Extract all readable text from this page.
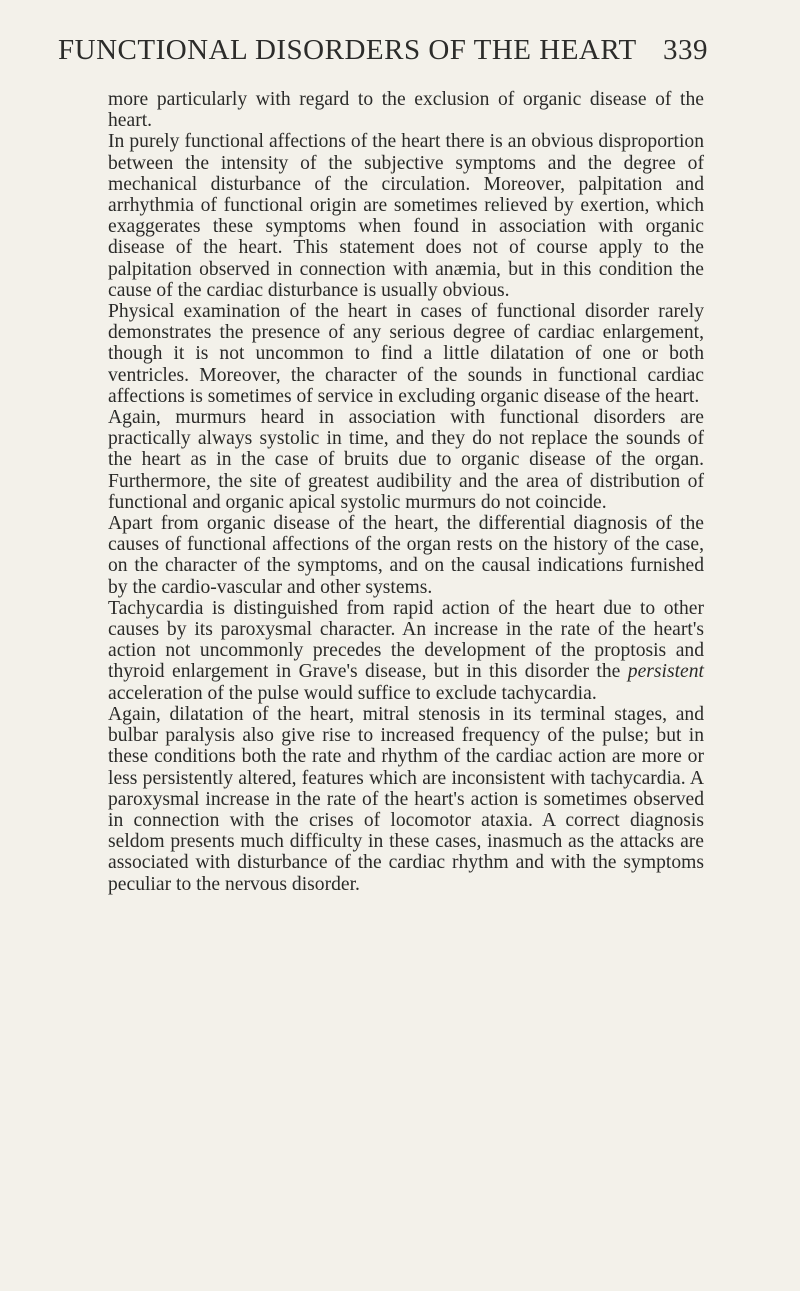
FUNCTIONAL DISORDERS OF THE HEART 339

more particularly with regard to the exclusion of organic disease of the heart.

In purely functional affections of the heart there is an obvious disproportion between the intensity of the subjective symptoms and the degree of mechanical disturbance of the circulation. Moreover, palpitation and arrhythmia of functional origin are sometimes relieved by exertion, which exaggerates these symptoms when found in association with organic disease of the heart. This statement does not of course apply to the palpitation observed in connection with anæmia, but in this condition the cause of the cardiac disturbance is usually obvious.

Physical examination of the heart in cases of functional disorder rarely demonstrates the presence of any serious degree of cardiac enlargement, though it is not uncommon to find a little dilatation of one or both ventricles. Moreover, the character of the sounds in functional cardiac affections is sometimes of service in excluding organic disease of the heart.

Again, murmurs heard in association with functional disorders are practically always systolic in time, and they do not replace the sounds of the heart as in the case of bruits due to organic disease of the organ. Furthermore, the site of greatest audibility and the area of distribution of functional and organic apical systolic murmurs do not coincide.

Apart from organic disease of the heart, the differential diagnosis of the causes of functional affections of the organ rests on the history of the case, on the character of the symptoms, and on the causal indications furnished by the cardio-vascular and other systems.

Tachycardia is distinguished from rapid action of the heart due to other causes by its paroxysmal character. An increase in the rate of the heart's action not uncommonly precedes the development of the proptosis and thyroid enlargement in Grave's disease, but in this disorder the persistent acceleration of the pulse would suffice to exclude tachycardia.

Again, dilatation of the heart, mitral stenosis in its terminal stages, and bulbar paralysis also give rise to increased frequency of the pulse; but in these conditions both the rate and rhythm of the cardiac action are more or less persistently altered, features which are inconsistent with tachycardia. A paroxysmal increase in the rate of the heart's action is sometimes observed in connection with the crises of locomotor ataxia. A correct diagnosis seldom presents much difficulty in these cases, inasmuch as the attacks are associated with disturbance of the cardiac rhythm and with the symptoms peculiar to the nervous disorder.
